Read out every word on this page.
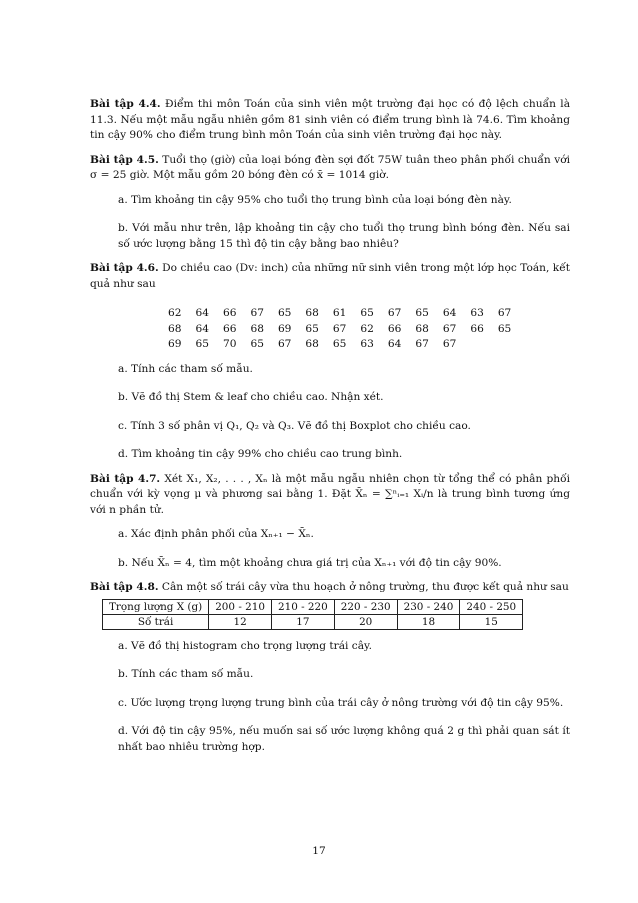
Bài tập 4.4. Điểm thi môn Toán của sinh viên một trường đại học có độ lệch chuẩn là 11.3. Nếu một mẫu ngẫu nhiên gồm 81 sinh viên có điểm trung bình là 74.6. Tìm khoảng tin cậy 90% cho điểm trung bình môn Toán của sinh viên trường đại học này.

Bài tập 4.5. Tuổi thọ (giờ) của loại bóng đèn sợi đốt 75W tuân theo phân phối chuẩn với σ = 25 giờ. Một mẫu gồm 20 bóng đèn có x̄ = 1014 giờ.

a. Tìm khoảng tin cậy 95% cho tuổi thọ trung bình của loại bóng đèn này.

b. Với mẫu như trên, lập khoảng tin cậy cho tuổi thọ trung bình bóng đèn. Nếu sai số ước lượng bằng 15 thì độ tin cậy bằng bao nhiêu?

Bài tập 4.6. Do chiều cao (Dv: inch) của những nữ sinh viên trong một lớp học Toán, kết quả như sau

62	64	66	67	65	68	61	65	67	65	64	63	67
68	64	66	68	69	65	67	62	66	68	67	66	65
69	65	70	65	67	68	65	63	64	67	67		

a. Tính các tham số mẫu.

b. Vẽ đồ thị Stem & leaf cho chiều cao. Nhận xét.

c. Tính 3 số phân vị Q₁, Q₂ và Q₃. Vẽ đồ thị Boxplot cho chiều cao.

d. Tìm khoảng tin cậy 99% cho chiều cao trung bình.

Bài tập 4.7. Xét X₁, X₂, . . . , Xₙ là một mẫu ngẫu nhiên chọn từ tổng thể có phân phối chuẩn với kỳ vọng μ và phương sai bằng 1. Đặt X̄ₙ = ∑ⁿᵢ₌₁ Xᵢ/n là trung bình tương ứng với n phần tử.

a. Xác định phân phối của Xₙ₊₁ − X̄ₙ.

b. Nếu X̄ₙ = 4, tìm một khoảng chưa giá trị của Xₙ₊₁ với độ tin cậy 90%.

Bài tập 4.8. Cân một số trái cây vừa thu hoạch ở nông trường, thu được kết quả như sau

Trọng lượng X (g)	200 - 210	210 - 220	220 - 230	230 - 240	240 - 250
Số trái	12	17	20	18	15

a. Vẽ đồ thị histogram cho trọng lượng trái cây.

b. Tính các tham số mẫu.

c. Ước lượng trọng lượng trung bình của trái cây ở nông trường với độ tin cậy 95%.

d. Với độ tin cậy 95%, nếu muốn sai số ước lượng không quá 2 g thì phải quan sát ít nhất bao nhiêu trường hợp.

17
